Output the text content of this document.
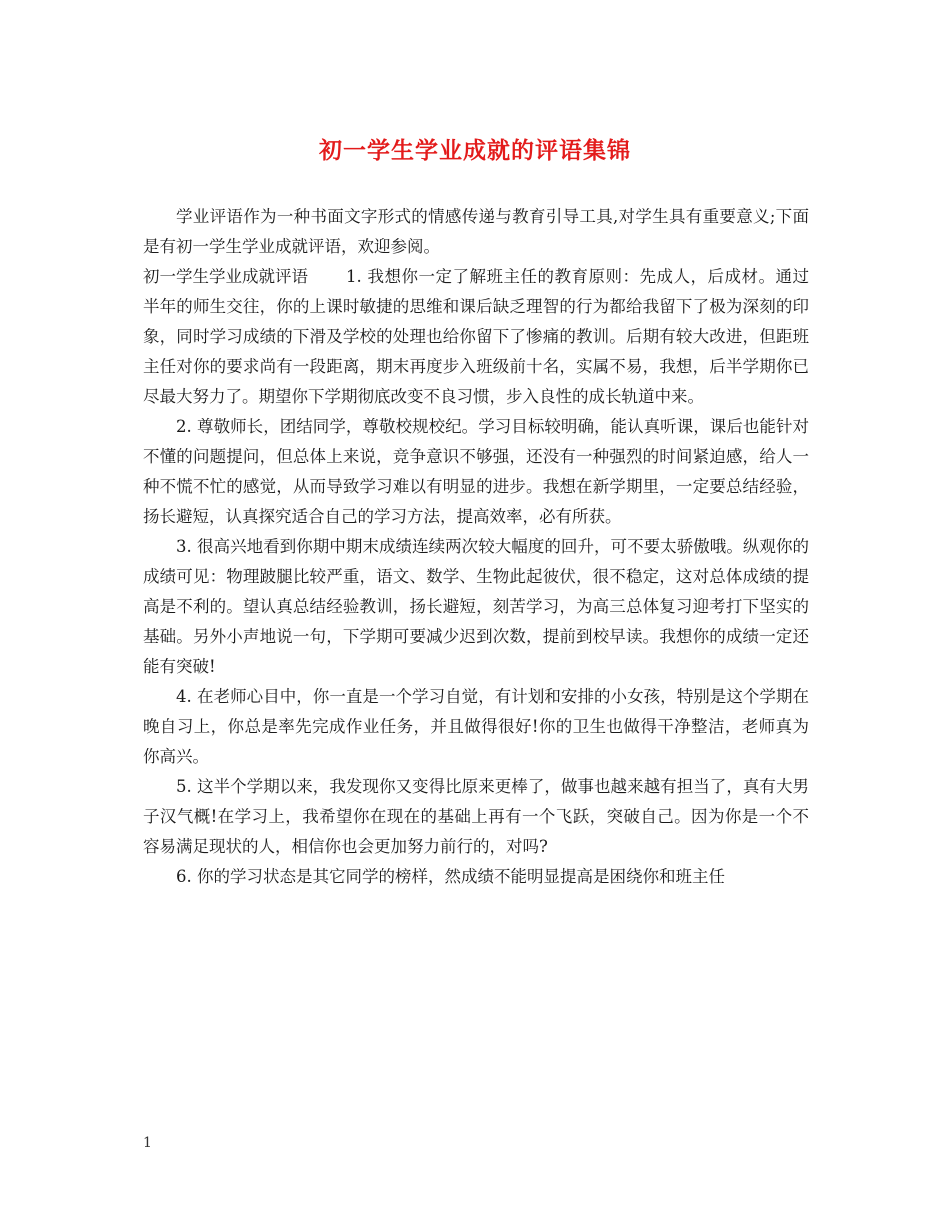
初一学生学业成就的评语集锦

学业评语作为一种书面文字形式的情感传递与教育引导工具,对学生具有重要意义;下面是有初一学生学业成就评语，欢迎参阅。

初一学生学业成就评语 1. 我想你一定了解班主任的教育原则：先成人，后成材。通过半年的师生交往，你的上课时敏捷的思维和课后缺乏理智的行为都给我留下了极为深刻的印象，同时学习成绩的下滑及学校的处理也给你留下了惨痛的教训。后期有较大改进，但距班主任对你的要求尚有一段距离，期末再度步入班级前十名，实属不易，我想，后半学期你已尽最大努力了。期望你下学期彻底改变不良习惯，步入良性的成长轨道中来。

2. 尊敬师长，团结同学，尊敬校规校纪。学习目标较明确，能认真听课，课后也能针对不懂的问题提问，但总体上来说，竞争意识不够强，还没有一种强烈的时间紧迫感，给人一种不慌不忙的感觉，从而导致学习难以有明显的进步。我想在新学期里，一定要总结经验，扬长避短，认真探究适合自己的学习方法，提高效率，必有所获。

3. 很高兴地看到你期中期末成绩连续两次较大幅度的回升，可不要太骄傲哦。纵观你的成绩可见：物理跛腿比较严重，语文、数学、生物此起彼伏，很不稳定，这对总体成绩的提高是不利的。望认真总结经验教训，扬长避短，刻苦学习，为高三总体复习迎考打下坚实的基础。另外小声地说一句，下学期可要减少迟到次数，提前到校早读。我想你的成绩一定还能有突破!

4. 在老师心目中，你一直是一个学习自觉，有计划和安排的小女孩，特别是这个学期在晚自习上，你总是率先完成作业任务，并且做得很好!你的卫生也做得干净整洁，老师真为你高兴。

5. 这半个学期以来，我发现你又变得比原来更棒了，做事也越来越有担当了，真有大男子汉气概!在学习上，我希望你在现在的基础上再有一个飞跃，突破自己。因为你是一个不容易满足现状的人，相信你也会更加努力前行的，对吗?

6. 你的学习状态是其它同学的榜样，然成绩不能明显提高是困绕你和班主任

1
